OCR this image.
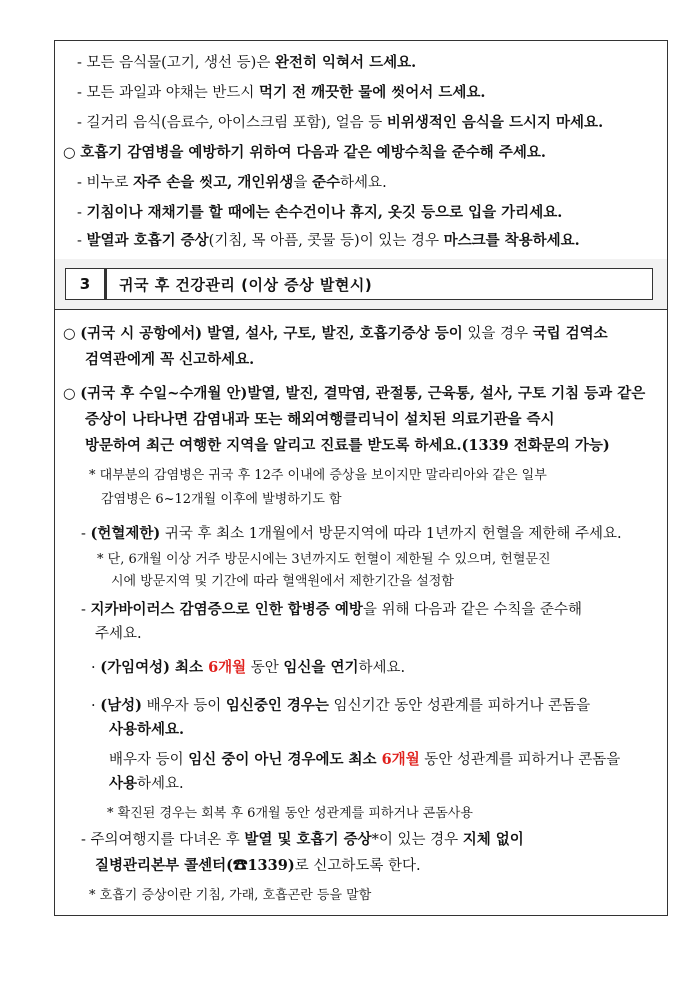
- 모든 음식물(고기, 생선 등)은 완전히 익혀서 드세요.
- 모든 과일과 야채는 반드시 먹기 전 깨끗한 물에 씻어서 드세요.
- 길거리 음식(음료수, 아이스크림 포함), 얼음 등 비위생적인 음식을 드시지 마세요.
○ 호흡기 감염병을 예방하기 위하여 다음과 같은 예방수칙을 준수해 주세요.
- 비누로 자주 손을 씻고, 개인위생을 준수하세요.
- 기침이나 재채기를 할 때에는 손수건이나 휴지, 옷깃 등으로 입을 가리세요.
- 발열과 호흡기 증상(기침, 목 아픔, 콧물 등)이 있는 경우 마스크를 착용하세요.
3	귀국 후 건강관리 (이상 증상 발현시)
○ (귀국 시 공항에서) 발열, 설사, 구토, 발진, 호흡기증상 등이 있을 경우 국립 검역소
검역관에게 꼭 신고하세요.
○ (귀국 후 수일~수개월 안)발열, 발진, 결막염, 관절통, 근육통, 설사, 구토 기침 등과 같은
증상이 나타나면 감염내과 또는 해외여행클리닉이 설치된 의료기관을 즉시
방문하여 최근 여행한 지역을 알리고 진료를 받도록 하세요.(1339 전화문의 가능)
* 대부분의 감염병은 귀국 후 12주 이내에 증상을 보이지만 말라리아와 같은 일부
감염병은 6~12개월 이후에 발병하기도 함
- (헌혈제한) 귀국 후 최소 1개월에서 방문지역에 따라 1년까지 헌혈을 제한해 주세요.
* 단, 6개월 이상 거주 방문시에는 3년까지도 헌혈이 제한될 수 있으며, 헌혈문진
시에 방문지역 및 기간에 따라 혈액원에서 제한기간을 설정함
- 지카바이러스 감염증으로 인한 합병증 예방을 위해 다음과 같은 수칙을 준수해
주세요.
· (가임여성) 최소 6개월 동안 임신을 연기하세요.
· (남성) 배우자 등이 임신중인 경우는 임신기간 동안 성관계를 피하거나 콘돔을
사용하세요.
배우자 등이 임신 중이 아닌 경우에도 최소 6개월 동안 성관계를 피하거나 콘돔을
사용하세요.
* 확진된 경우는 회복 후 6개월 동안 성관계를 피하거나 콘돔사용
- 주의여행지를 다녀온 후 발열 및 호흡기 증상*이 있는 경우 지체 없이
질병관리본부 콜센터(☎1339)로 신고하도록 한다.
* 호흡기 증상이란 기침, 가래, 호흡곤란 등을 말함
